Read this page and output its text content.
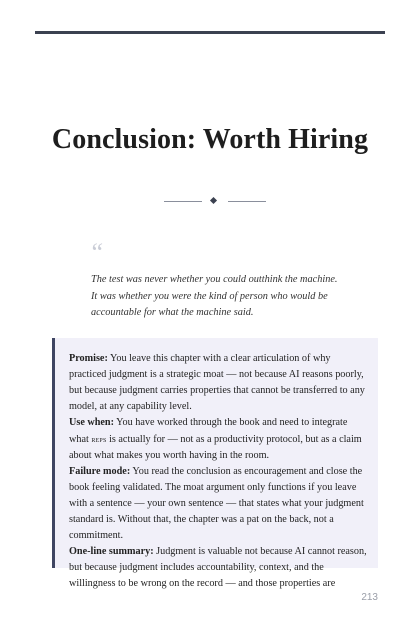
Conclusion: Worth Hiring
“

The test was never whether you could outthink the machine. It was whether you were the kind of person who would be accountable for what the machine said.

Promise: You leave this chapter with a clear articulation of why practiced judgment is a strategic moat — not because AI reasons poorly, but because judgment carries properties that cannot be transferred to any model, at any capability level.

Use when: You have worked through the book and need to integrate what reps is actually for — not as a productivity protocol, but as a claim about what makes you worth having in the room.

Failure mode: You read the conclusion as encouragement and close the book feeling validated. The moat argument only functions if you leave with a sentence — your own sentence — that states what your judgment standard is. Without that, the chapter was a pat on the back, not a commitment.

One-line summary: Judgment is valuable not because AI cannot reason, but because judgment includes accountability, context, and the willingness to be wrong on the record — and those properties are

213
